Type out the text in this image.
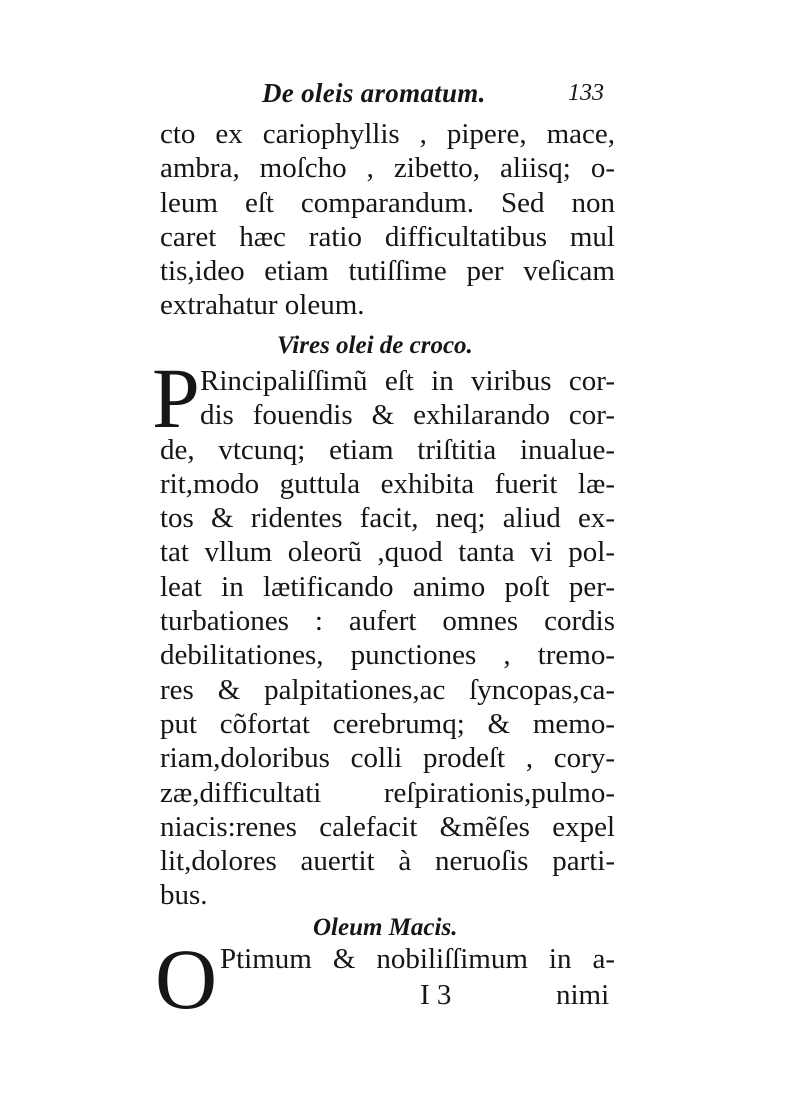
De oleis aromatum.	133
cto ex cariophyllis , pipere, mace,
ambra, moſcho , zibetto, aliisq; o-
leum eſt comparandum. Sed non
caret hæc ratio difficultatibus mul
tis,ideo etiam tutiſſime per veſicam
extrahatur oleum.
Vires olei de croco.
P Rincipaliſſimũ eſt in viribus cor-
dis fouendis & exhilarando cor-
de, vtcunq; etiam triſtitia inualue-
rit,modo guttula exhibita fuerit læ-
tos & ridentes facit, neq; aliud ex-
tat vllum oleorũ ,quod tanta vi pol-
leat in lætificando animo poſt per-
turbationes : aufert omnes cordis
debilitationes, punctiones , tremo-
res & palpitationes,ac ſyncopas,ca-
put cõfortat cerebrumq; & memo-
riam,doloribus colli prodeſt , cory-
zæ,difficultati reſpirationis,pulmo-
niacis:renes calefacit &mẽſes expel
lit,dolores auertit à neruoſis parti-
bus.
Oleum Macis.
O Ptimum & nobiliſſimum in a-
I 3	nimi
